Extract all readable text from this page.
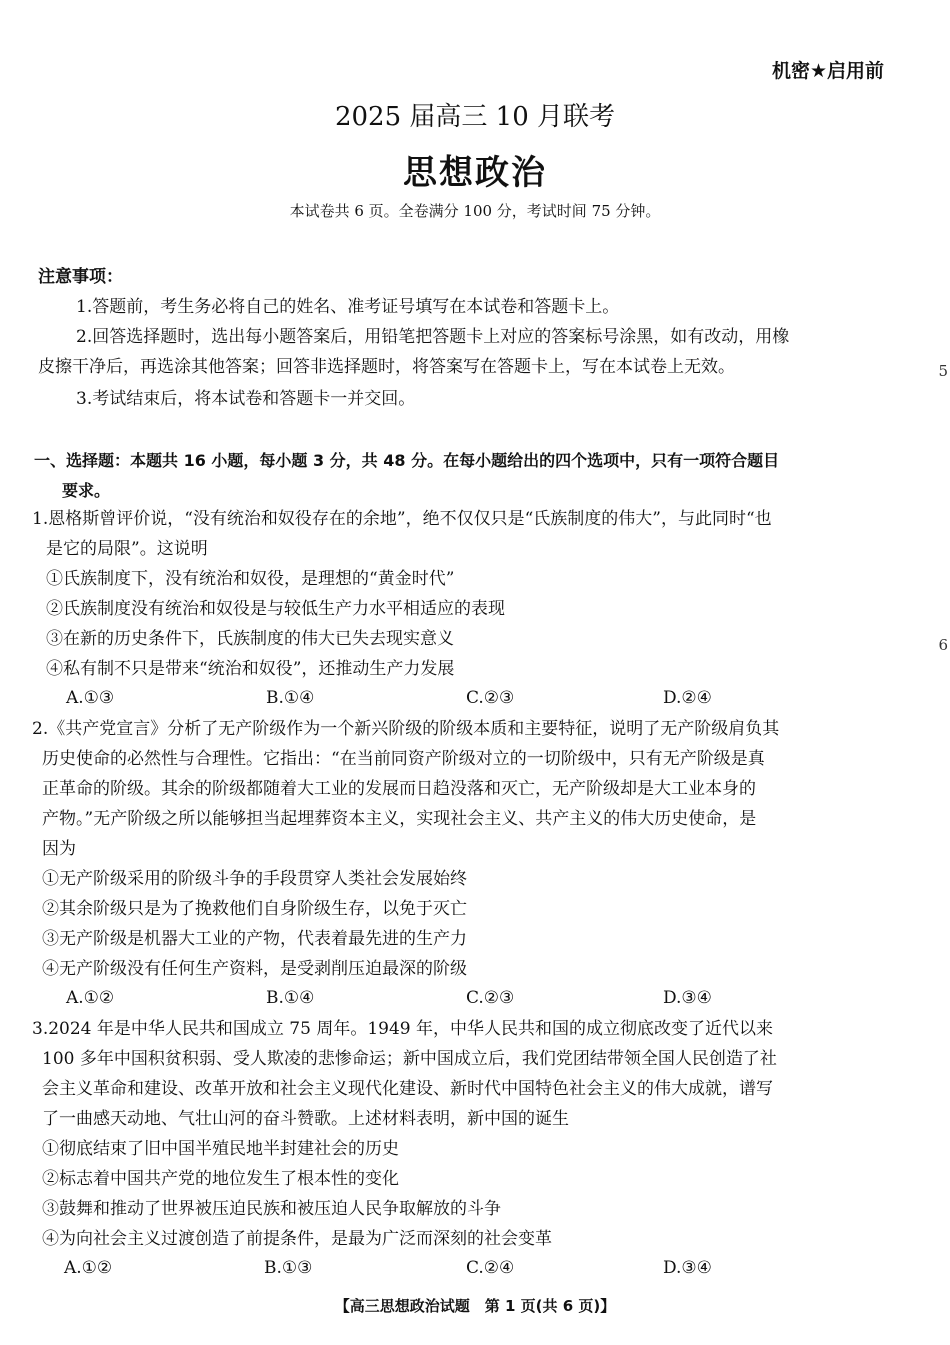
机密★启用前
2025 届高三 10 月联考
思想政治
本试卷共 6 页。全卷满分 100 分，考试时间 75 分钟。
注意事项：
1.答题前，考生务必将自己的姓名、准考证号填写在本试卷和答题卡上。
2.回答选择题时，选出每小题答案后，用铅笔把答题卡上对应的答案标号涂黑，如有改动，用橡
皮擦干净后，再选涂其他答案；回答非选择题时，将答案写在答题卡上，写在本试卷上无效。
3.考试结束后，将本试卷和答题卡一并交回。
5
6
一、选择题：本题共 16 小题，每小题 3 分，共 48 分。在每小题给出的四个选项中，只有一项符合题目
要求。
1.恩格斯曾评价说，“没有统治和奴役存在的余地”，绝不仅仅只是“氏族制度的伟大”，与此同时“也
是它的局限”。这说明
①氏族制度下，没有统治和奴役，是理想的“黄金时代”
②氏族制度没有统治和奴役是与较低生产力水平相适应的表现
③在新的历史条件下，氏族制度的伟大已失去现实意义
④私有制不只是带来“统治和奴役”，还推动生产力发展
A.①③	B.①④	C.②③	D.②④
2.《共产党宣言》分析了无产阶级作为一个新兴阶级的阶级本质和主要特征，说明了无产阶级肩负其
历史使命的必然性与合理性。它指出：“在当前同资产阶级对立的一切阶级中，只有无产阶级是真
正革命的阶级。其余的阶级都随着大工业的发展而日趋没落和灭亡，无产阶级却是大工业本身的
产物。”无产阶级之所以能够担当起埋葬资本主义，实现社会主义、共产主义的伟大历史使命，是
因为
①无产阶级采用的阶级斗争的手段贯穿人类社会发展始终
②其余阶级只是为了挽救他们自身阶级生存，以免于灭亡
③无产阶级是机器大工业的产物，代表着最先进的生产力
④无产阶级没有任何生产资料，是受剥削压迫最深的阶级
A.①②	B.①④	C.②③	D.③④
3.2024 年是中华人民共和国成立 75 周年。1949 年，中华人民共和国的成立彻底改变了近代以来
100 多年中国积贫积弱、受人欺凌的悲惨命运；新中国成立后，我们党团结带领全国人民创造了社
会主义革命和建设、改革开放和社会主义现代化建设、新时代中国特色社会主义的伟大成就，谱写
了一曲感天动地、气壮山河的奋斗赞歌。上述材料表明，新中国的诞生
①彻底结束了旧中国半殖民地半封建社会的历史
②标志着中国共产党的地位发生了根本性的变化
③鼓舞和推动了世界被压迫民族和被压迫人民争取解放的斗争
④为向社会主义过渡创造了前提条件，是最为广泛而深刻的社会变革
A.①②	B.①③	C.②④	D.③④
【高三思想政治试题　第 1 页(共 6 页)】
